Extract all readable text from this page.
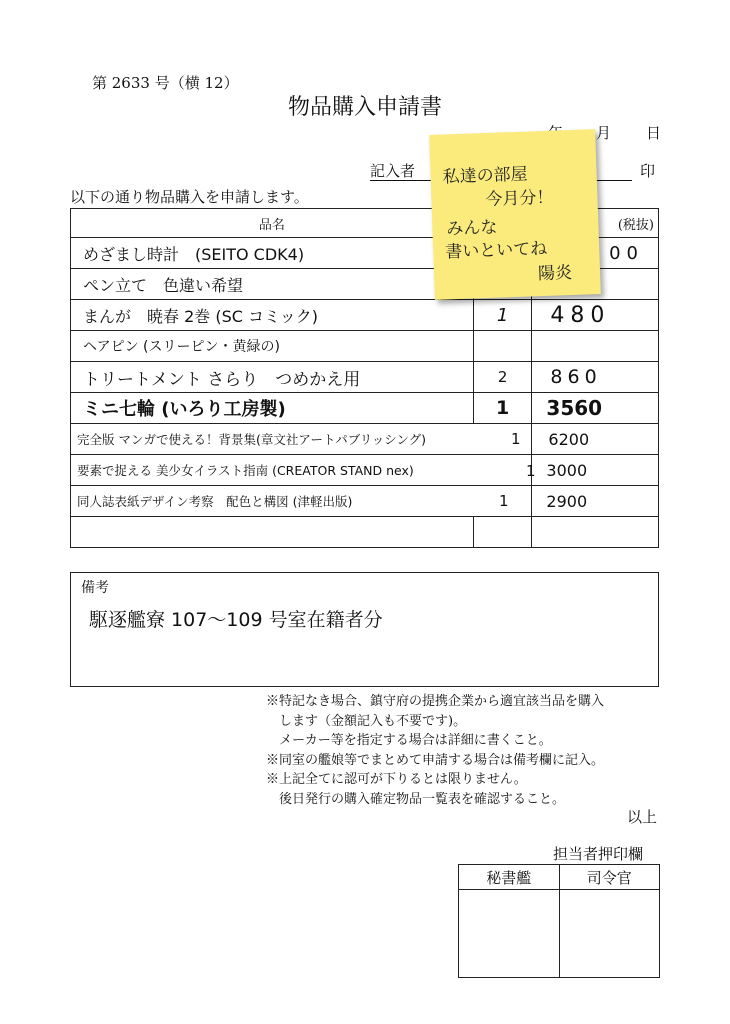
第 2633 号（横 12）
物品購入申請書
月 日
記入者	印
以下の通り物品購入を申請します。
品名		(税抜)
めざまし時計　(SEITO CDK4)		00
ペン立て　色違い希望		
まんが　暁春 2巻 (SC コミック)	1	480
ヘアピン (スリーピン・黄緑の)		
トリートメント さらり　つめかえ用	2	860
ミニ七輪 (いろり工房製)	1	3560
完全版 マンガで使える！背景集(章文社アートパブリッシング) 1		6200
要素で捉える 美少女イラスト指南 (CREATOR STAND nex) 1		3000
同人誌表紙デザイン考察　配色と構図 (津軽出版) 1		2900

備考
駆逐艦寮 107〜109 号室在籍者分
※特記なき場合、鎮守府の提携企業から適宜該当品を購入
　します（金額記入も不要です)。
　メーカー等を指定する場合は詳細に書くこと。
※同室の艦娘等でまとめて申請する場合は備考欄に記入。
※上記全てに認可が下りるとは限りません。
　後日発行の購入確定物品一覧表を確認すること。
以上
担当者押印欄
秘書艦	司令官

私達の部屋
今月分！
みんな
書いといてね
陽炎
